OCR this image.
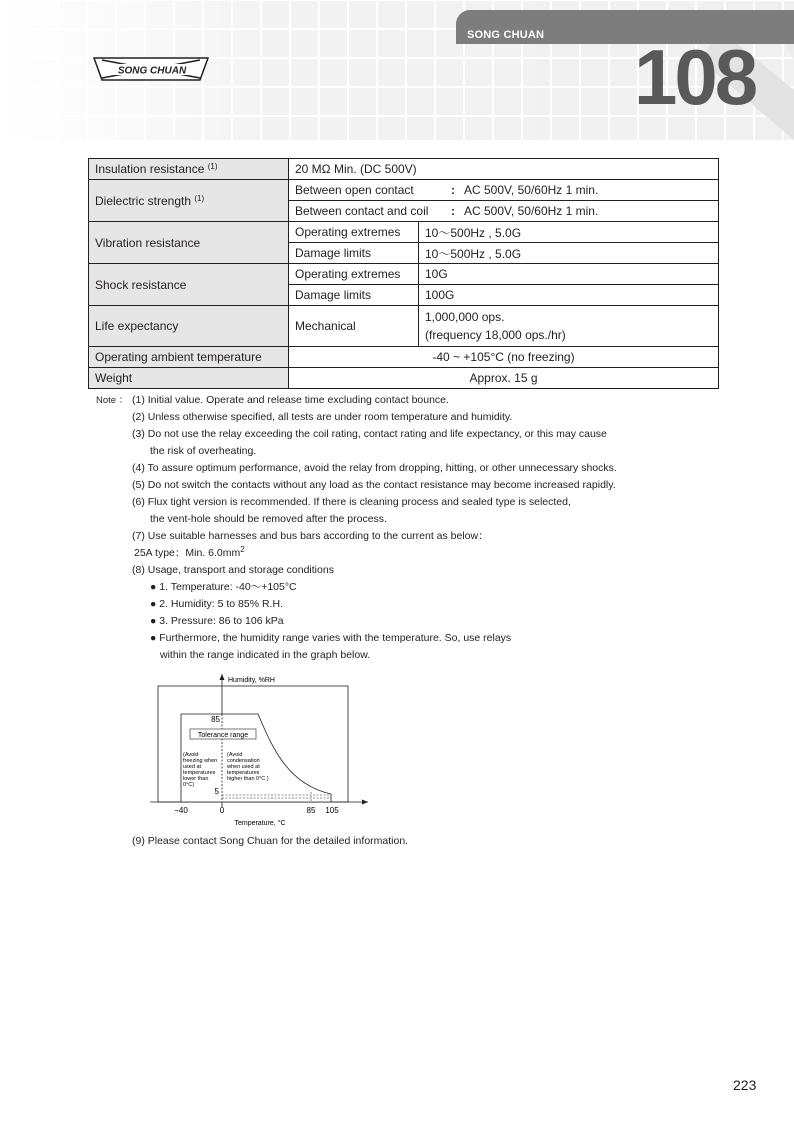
SONG CHUAN 108
SONG CHUAN
Insulation resistance $^{(1)}$	20 MΩ Min. (DC 500V)	
Dielectric strength $^{(1)}$	Between open contact : AC 500V, 50/60Hz 1 min.	
	Between contact and coil : AC 500V, 50/60Hz 1 min.	
Vibration resistance	Operating extremes	10～500Hz , 5.0G
	Damage limits	10～500Hz , 5.0G
Shock resistance	Operating extremes	10G
	Damage limits	100G
Life expectancy	Mechanical	1,000,000 ops.
(frequency 18,000 ops./hr)

Operating ambient temperature	-40 ~ +105°C (no freezing)	
Weight	Approx. 15 g	
Note ： (1) Initial value. Operate and release time excluding contact bounce.
(2) Unless otherwise specified, all tests are under room temperature and humidity.
(3) Do not use the relay exceeding the coil rating, contact rating and life expectancy, or this may cause
the risk of overheating.
(4) To assure optimum performance, avoid the relay from dropping, hitting, or other unnecessary shocks.
(5) Do not switch the contacts without any load as the contact resistance may become increased rapidly.
(6) Flux tight version is recommended. If there is cleaning process and sealed type is selected,
the vent-hole should be removed after the process.
(7) Use suitable harnesses and bus bars according to the current as below：
25A type：Min. $6.0mm^2$
(8) Usage, transport and storage conditions
● 1. Temperature: -40～+105°C
● 2. Humidity: 5 to 85% R.H.
● 3. Pressure: 86 to 106 kPa
● Furthermore, the humidity range varies with the temperature. So, use relays
within the range indicated in the graph below.
Tolerance range
Humidity, %RH
Temperature, °C
85
5
−40	0	85 105
(Avoid
freezing when
used at
temperatures
lower than
0°C)
(Avoid
condensation
when used at
temperatures
higher than 0°C )
(9) Please contact Song Chuan for the detailed information.
223
